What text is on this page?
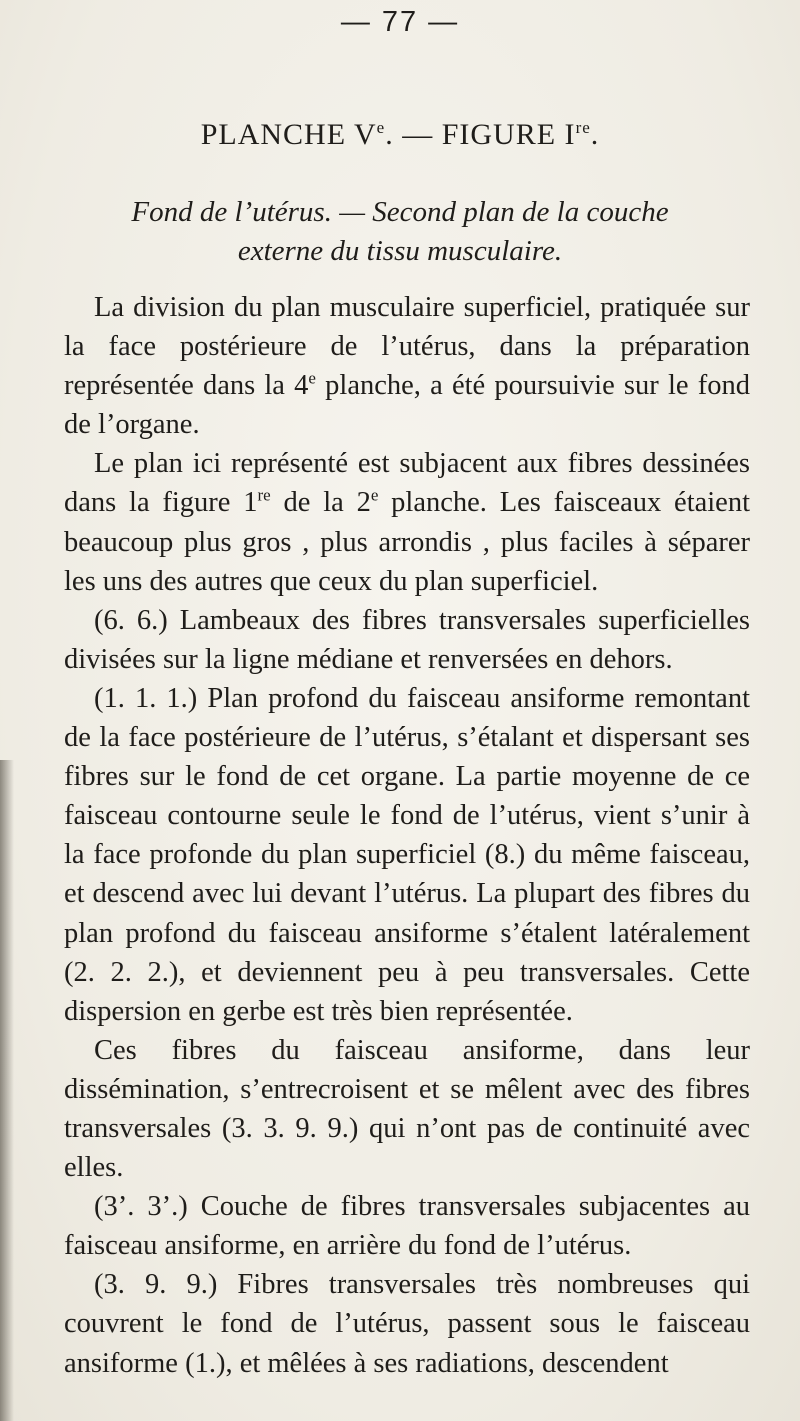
— 77 —
PLANCHE Ve. — FIGURE Ire.
Fond de l’utérus. — Second plan de la couche
externe du tissu musculaire.

La division du plan musculaire superficiel, pratiquée sur la face postérieure de l’utérus, dans la préparation représentée dans la 4e planche, a été poursuivie sur le fond de l’organe.

Le plan ici représenté est subjacent aux fibres dessinées dans la figure 1re de la 2e planche. Les faisceaux étaient beaucoup plus gros , plus arrondis , plus faciles à séparer les uns des autres que ceux du plan superficiel.

(6. 6.) Lambeaux des fibres transversales superficielles divisées sur la ligne médiane et renversées en dehors.

(1. 1. 1.) Plan profond du faisceau ansiforme remontant de la face postérieure de l’utérus, s’étalant et dispersant ses fibres sur le fond de cet organe. La partie moyenne de ce faisceau contourne seule le fond de l’utérus, vient s’unir à la face profonde du plan superficiel (8.) du même faisceau, et descend avec lui devant l’utérus. La plupart des fibres du plan profond du faisceau ansiforme s’étalent latéralement (2. 2. 2.), et deviennent peu à peu transversales. Cette dispersion en gerbe est très bien représentée.

Ces fibres du faisceau ansiforme, dans leur dissémination, s’entrecroisent et se mêlent avec des fibres transversales (3. 3. 9. 9.) qui n’ont pas de continuité avec elles.

(3’. 3’.) Couche de fibres transversales subjacentes au faisceau ansiforme, en arrière du fond de l’utérus.

(3. 9. 9.) Fibres transversales très nombreuses qui couvrent le fond de l’utérus, passent sous le faisceau ansiforme (1.), et mêlées à ses radiations, descendent
